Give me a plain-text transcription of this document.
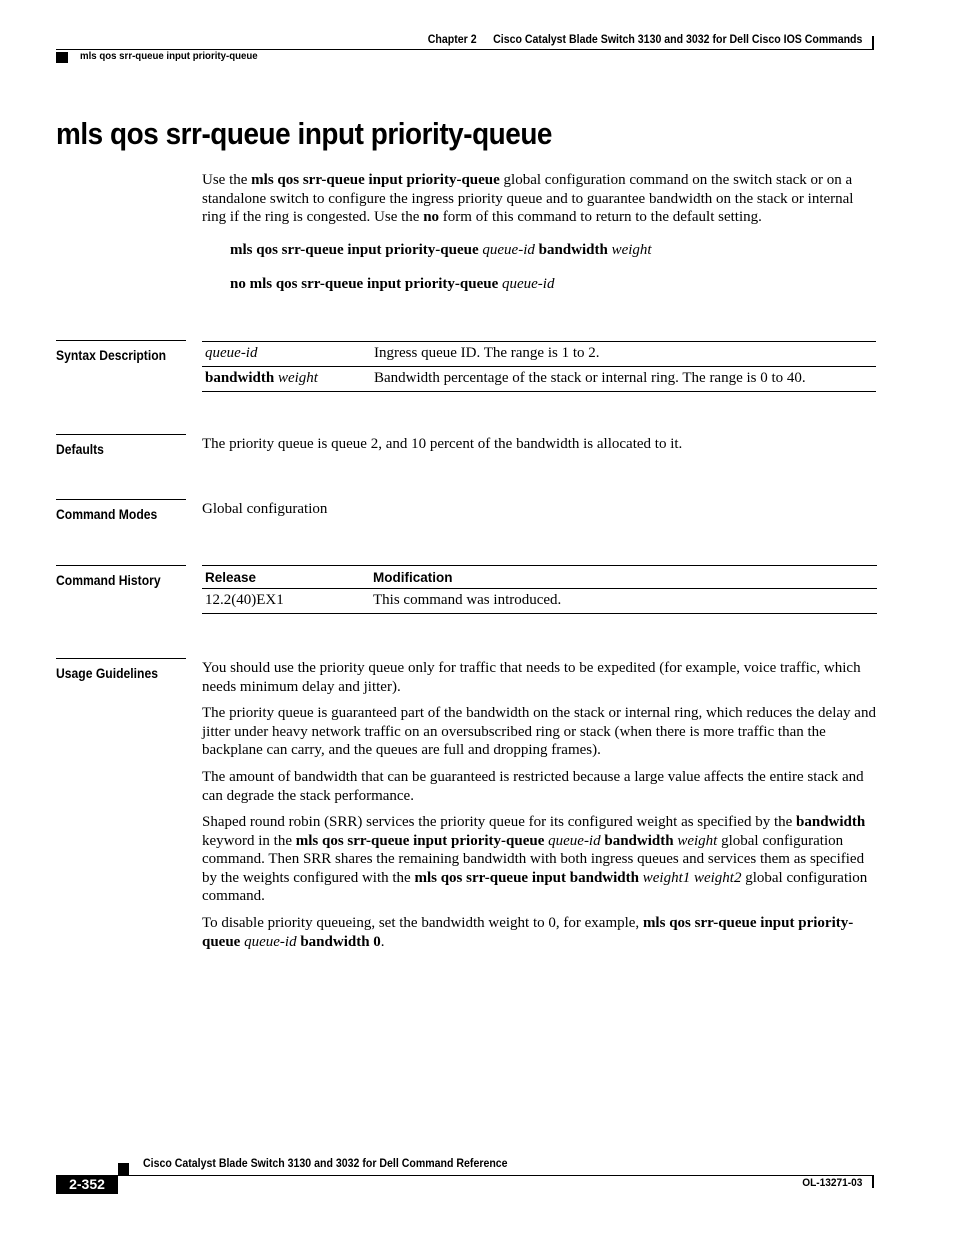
Chapter 2 Cisco Catalyst Blade Switch 3130 and 3032 for Dell Cisco IOS Commands
mls qos srr-queue input priority-queue
mls qos srr-queue input priority-queue
Use the mls qos srr-queue input priority-queue global configuration command on the switch stack or on a standalone switch to configure the ingress priority queue and to guarantee bandwidth on the stack or internal ring if the ring is congested. Use the no form of this command to return to the default setting.
mls qos srr-queue input priority-queue queue-id bandwidth weight
no mls qos srr-queue input priority-queue queue-id
Syntax Description	queue-id	Ingress queue ID. The range is 1 to 2.
bandwidth weight	Bandwidth percentage of the stack or internal ring. The range is 0 to 40.
Defaults	The priority queue is queue 2, and 10 percent of the bandwidth is allocated to it.
Command Modes	Global configuration
Command History	Release	Modification
12.2(40)EX1	This command was introduced.
Usage Guidelines	You should use the priority queue only for traffic that needs to be expedited (for example, voice traffic, which needs minimum delay and jitter).
The priority queue is guaranteed part of the bandwidth on the stack or internal ring, which reduces the delay and jitter under heavy network traffic on an oversubscribed ring or stack (when there is more traffic than the backplane can carry, and the queues are full and dropping frames).
The amount of bandwidth that can be guaranteed is restricted because a large value affects the entire stack and can degrade the stack performance.
Shaped round robin (SRR) services the priority queue for its configured weight as specified by the bandwidth keyword in the mls qos srr-queue input priority-queue queue-id bandwidth weight global configuration command. Then SRR shares the remaining bandwidth with both ingress queues and services them as specified by the weights configured with the mls qos srr-queue input bandwidth weight1 weight2 global configuration command.
To disable priority queueing, set the bandwidth weight to 0, for example, mls qos srr-queue input priority-queue queue-id bandwidth 0.
Cisco Catalyst Blade Switch 3130 and 3032 for Dell Command Reference
2-352	OL-13271-03
